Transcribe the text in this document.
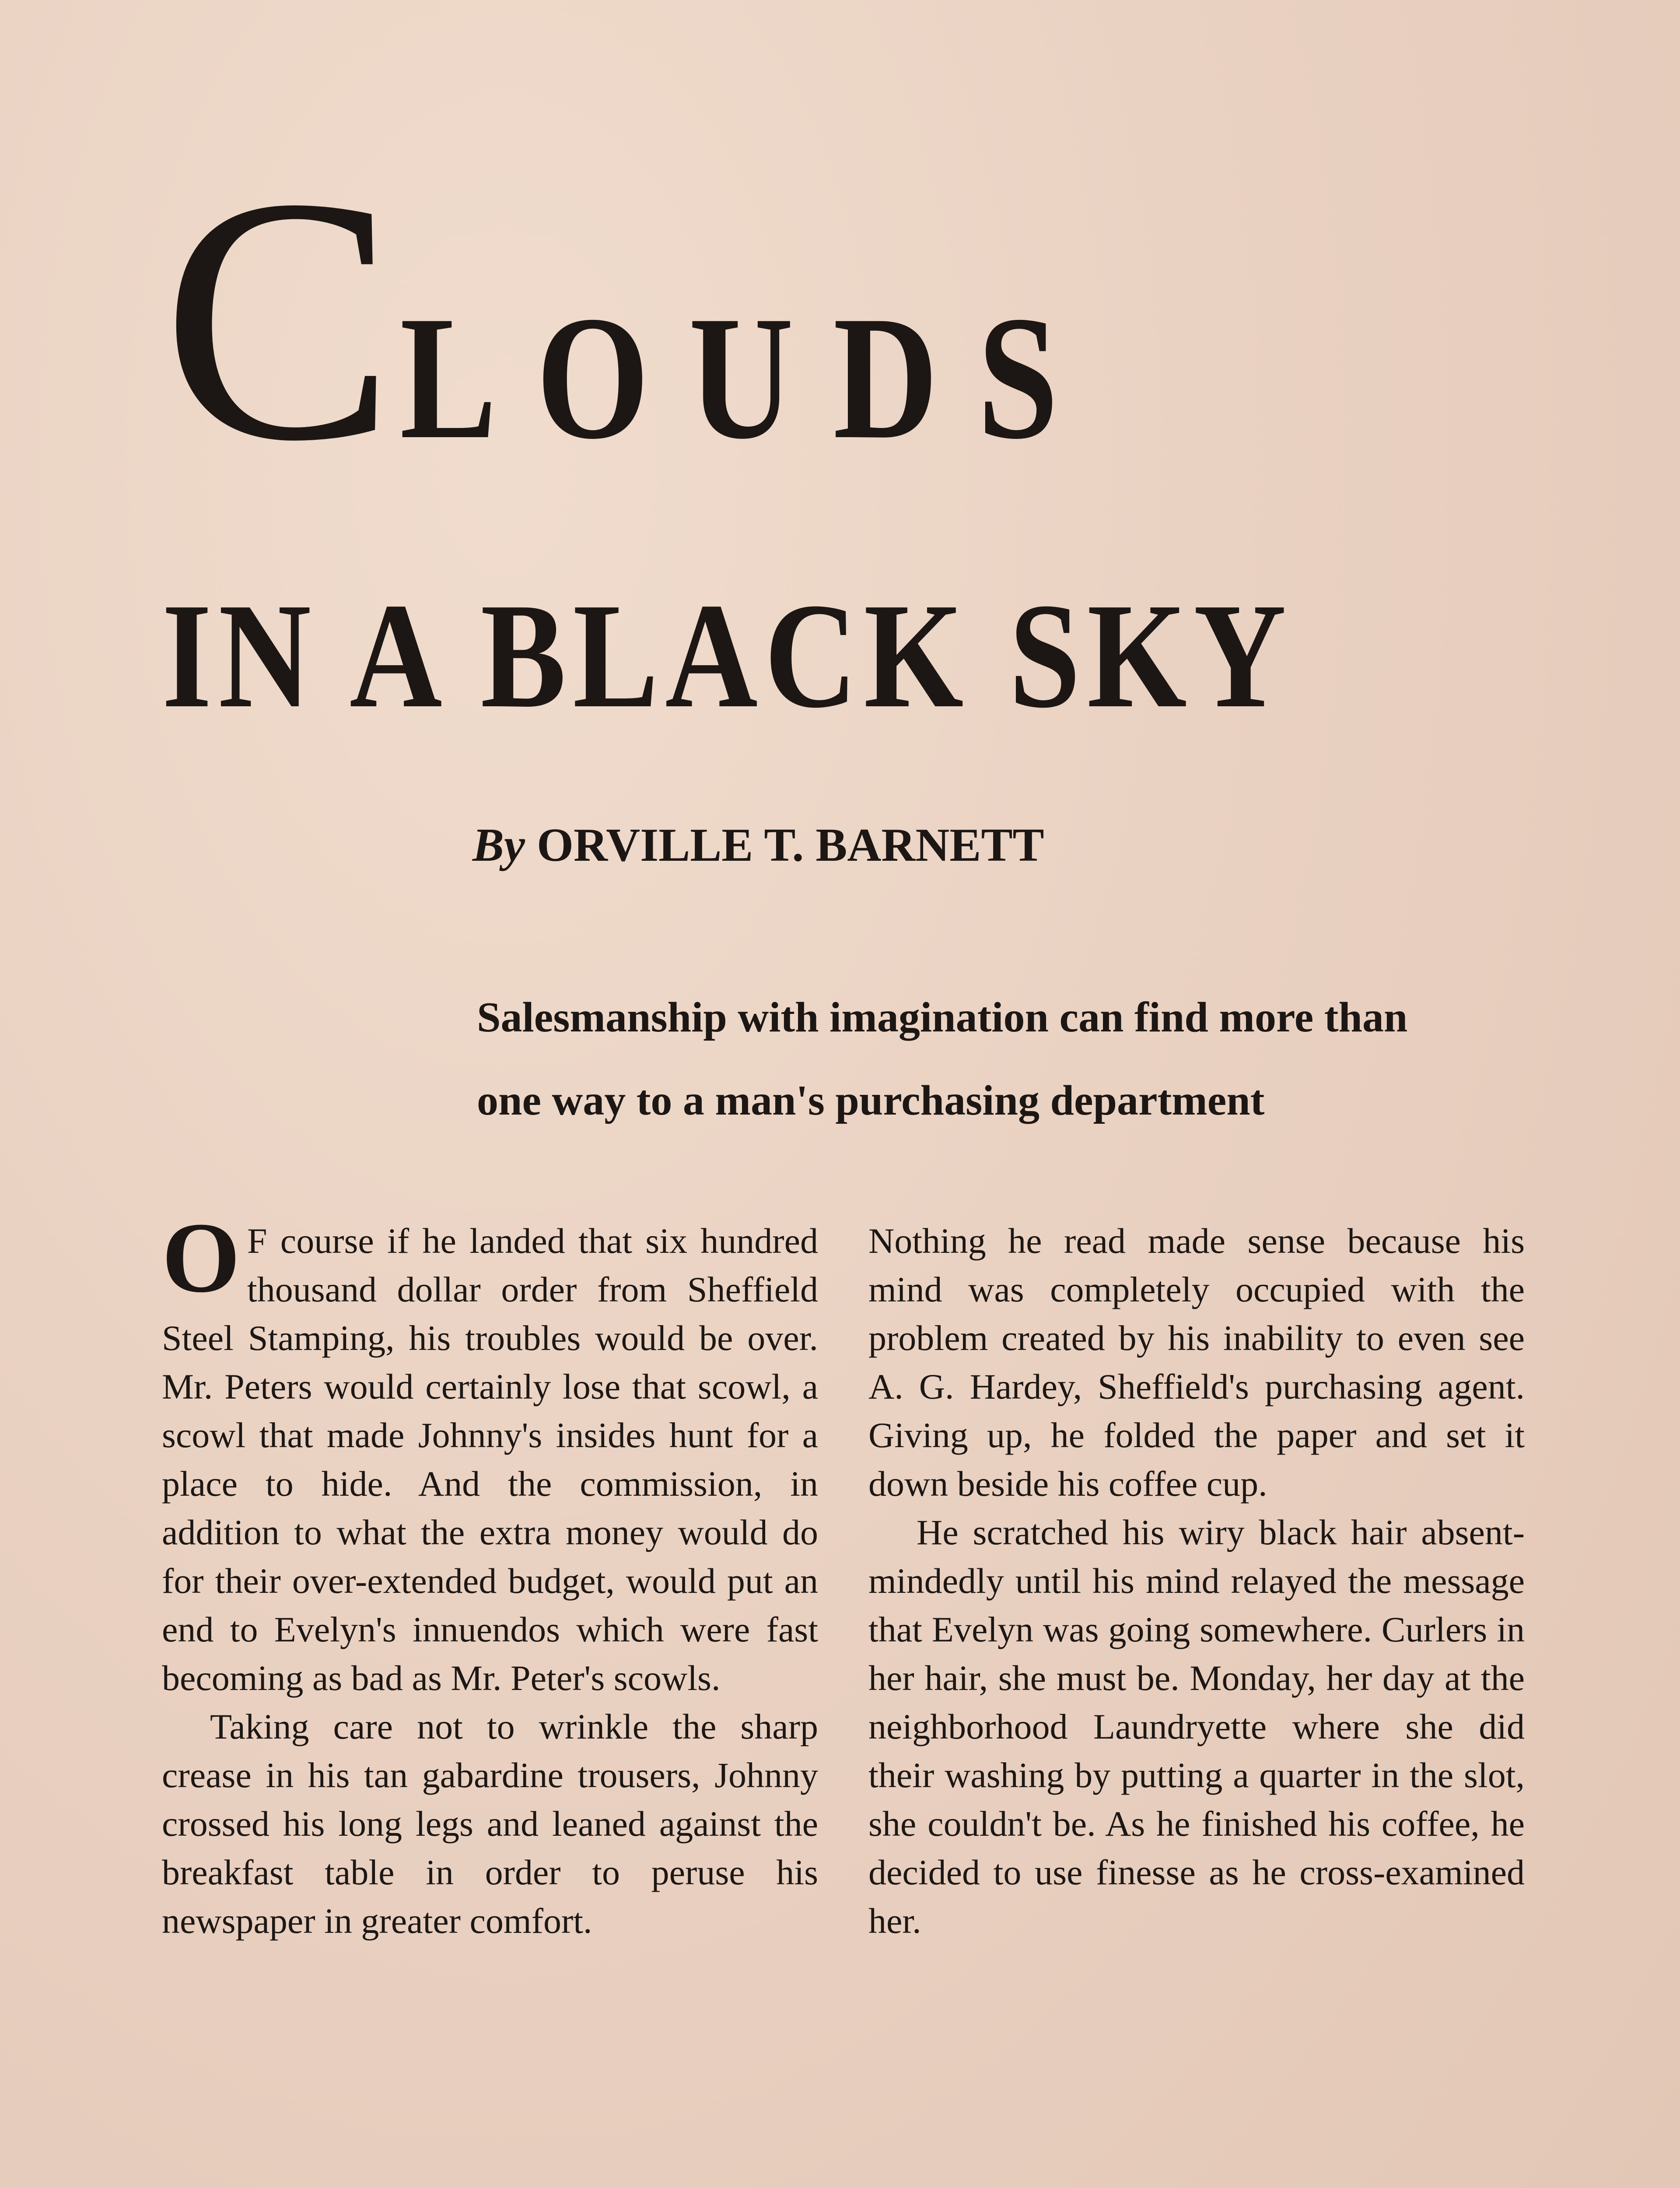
CLOUDS
IN A BLACK SKY
By ORVILLE T. BARNETT
Salesmanship with imagination can find more than
one way to a man's purchasing department

O F course if he landed that six hundred thousand dollar order from Sheffield Steel Stamping, his troubles would be over. Mr. Peters would certainly lose that scowl, a scowl that made Johnny's insides hunt for a place to hide. And the commission, in addition to what the extra money would do for their over-extended budget, would put an end to Evelyn's innuendos which were fast becoming as bad as Mr. Peter's scowls.

Taking care not to wrinkle the sharp crease in his tan gabardine trousers, Johnny crossed his long legs and leaned against the breakfast table in order to peruse his newspaper in greater comfort.

Nothing he read made sense because his mind was completely occupied with the problem created by his inability to even see A. G. Hardey, Sheffield's purchasing agent. Giving up, he folded the paper and set it down beside his coffee cup.

He scratched his wiry black hair absent-mindedly until his mind relayed the message that Evelyn was going somewhere. Curlers in her hair, she must be. Monday, her day at the neighborhood Laundryette where she did their washing by putting a quarter in the slot, she couldn't be. As he finished his coffee, he decided to use finesse as he cross-examined her.
